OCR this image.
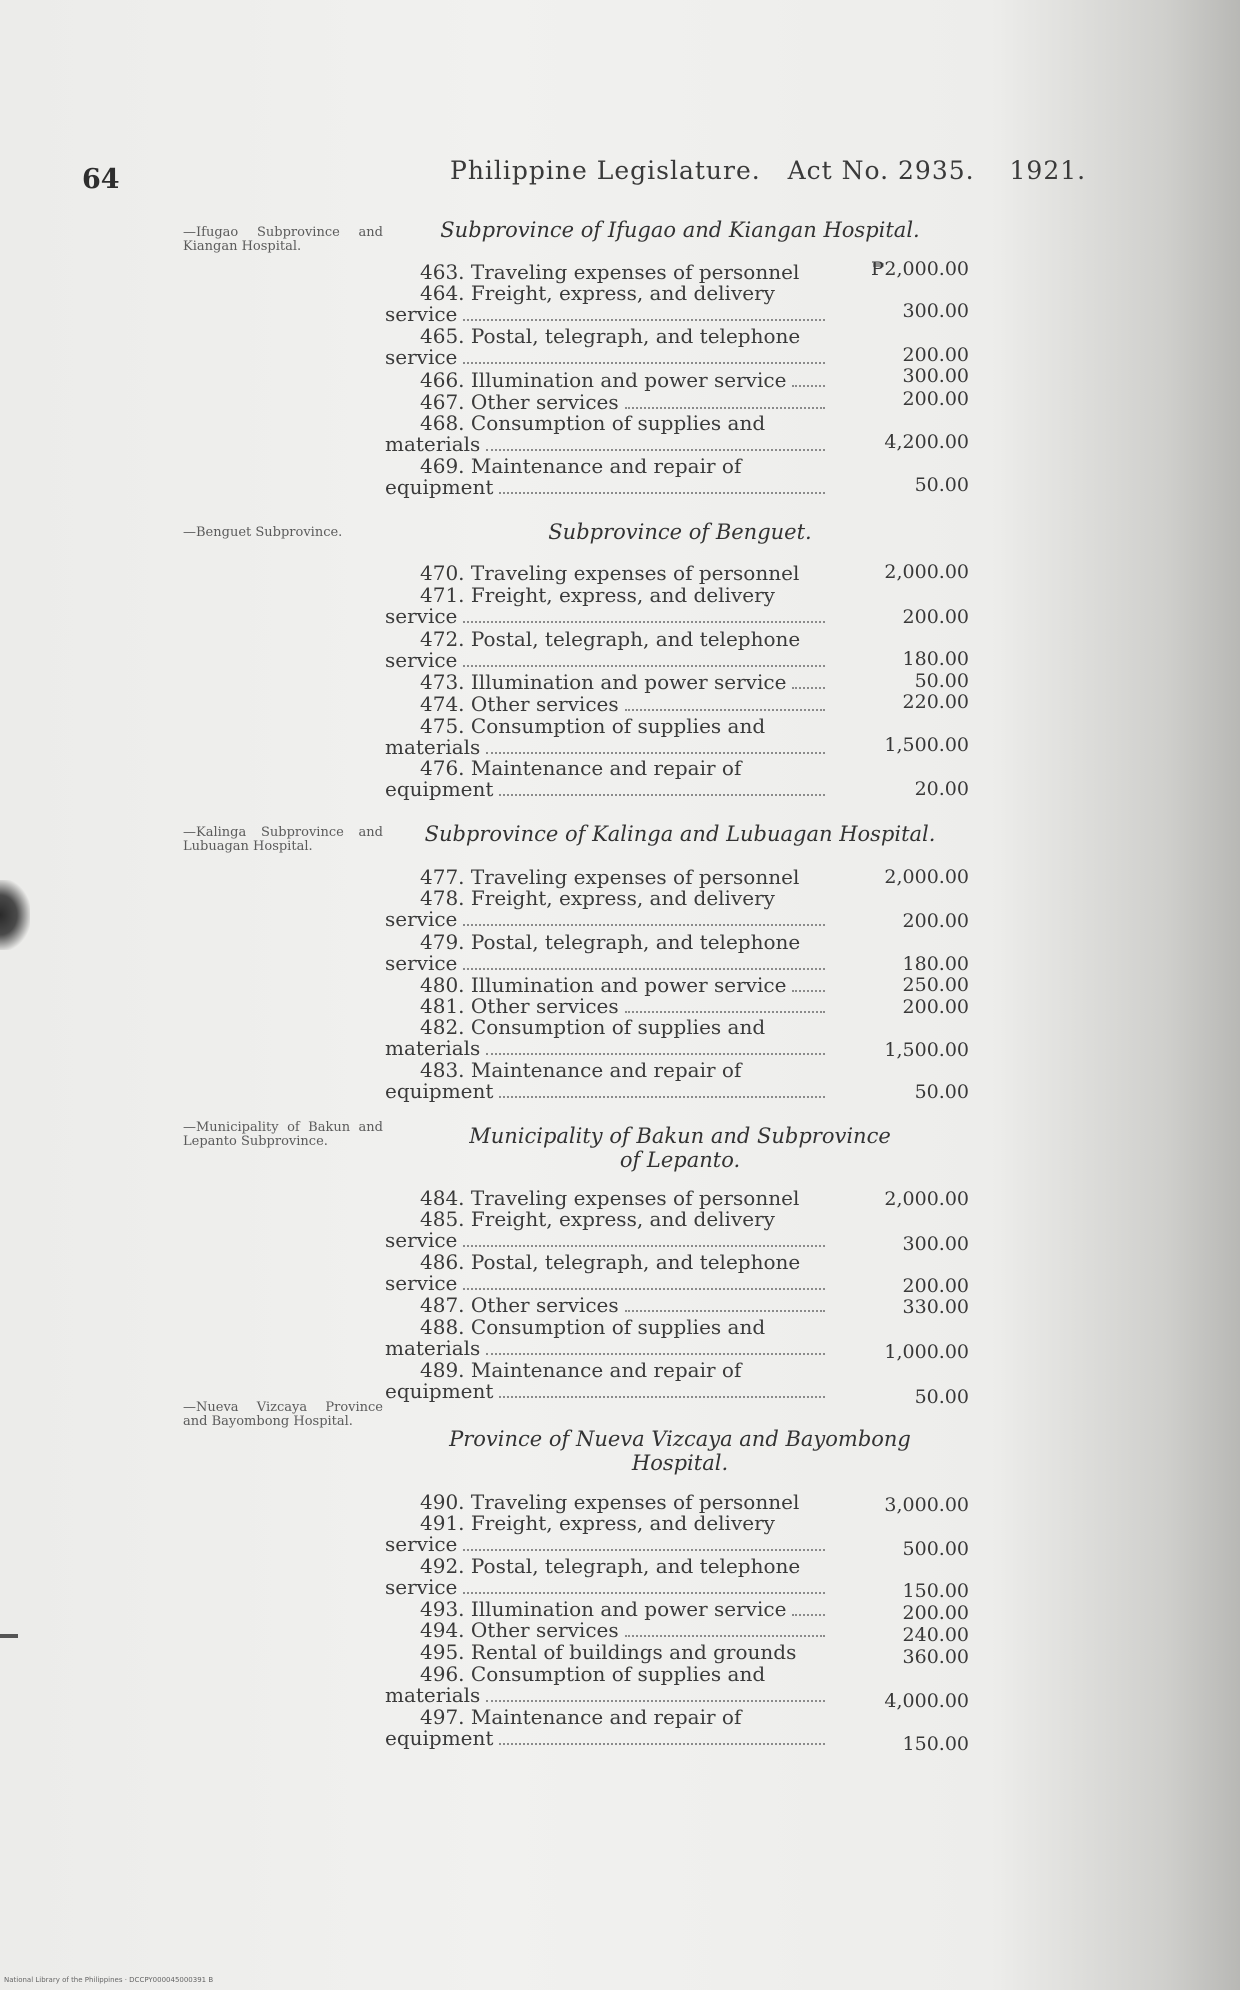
64	Philippine Legislature. Act No. 2935. 1921.
—Ifugao Subprovince and Kiangan Hospital.
Subprovince of Ifugao and Kiangan Hospital.
463. Traveling expenses of personnel	₱2,000.00
464. Freight, express, and delivery
service	300.00
465. Postal, telegraph, and telephone
service	200.00
466. Illumination and power service	300.00
467. Other services	200.00
468. Consumption of supplies and
materials	4,200.00
469. Maintenance and repair of
equipment	50.00
—Benguet Subprovince.	Subprovince of Benguet.
470. Traveling expenses of personnel	2,000.00
471. Freight, express, and delivery
service	200.00
472. Postal, telegraph, and telephone
service	180.00
473. Illumination and power service	50.00
474. Other services	220.00
475. Consumption of supplies and
materials	1,500.00
476. Maintenance and repair of
equipment	20.00
—Kalinga Subprovince and Lubuagan Hospital.
Subprovince of Kalinga and Lubuagan Hospital.
477. Traveling expenses of personnel	2,000.00
478. Freight, express, and delivery
service	200.00
479. Postal, telegraph, and telephone
service	180.00
480. Illumination and power service	250.00
481. Other services	200.00
482. Consumption of supplies and
materials	1,500.00
483. Maintenance and repair of
equipment	50.00
—Municipality of Bakun and Lepanto Subprovince.	Municipality of Bakun and Subprovince
of Lepanto.
484. Traveling expenses of personnel	2,000.00
485. Freight, express, and delivery
service	300.00
486. Postal, telegraph, and telephone
service	200.00
487. Other services	330.00
488. Consumption of supplies and
materials	1,000.00
489. Maintenance and repair of
equipment	50.00
—Nueva Vizcaya Province and Bayombong Hospital.
Province of Nueva Vizcaya and Bayombong
Hospital.
490. Traveling expenses of personnel	3,000.00
491. Freight, express, and delivery
service	500.00
492. Postal, telegraph, and telephone
service	150.00
493. Illumination and power service	200.00
494. Other services	240.00
495. Rental of buildings and grounds	360.00
496. Consumption of supplies and
materials	4,000.00
497. Maintenance and repair of
equipment	150.00
National Library of the Philippines · DCCPY000045000391 B
